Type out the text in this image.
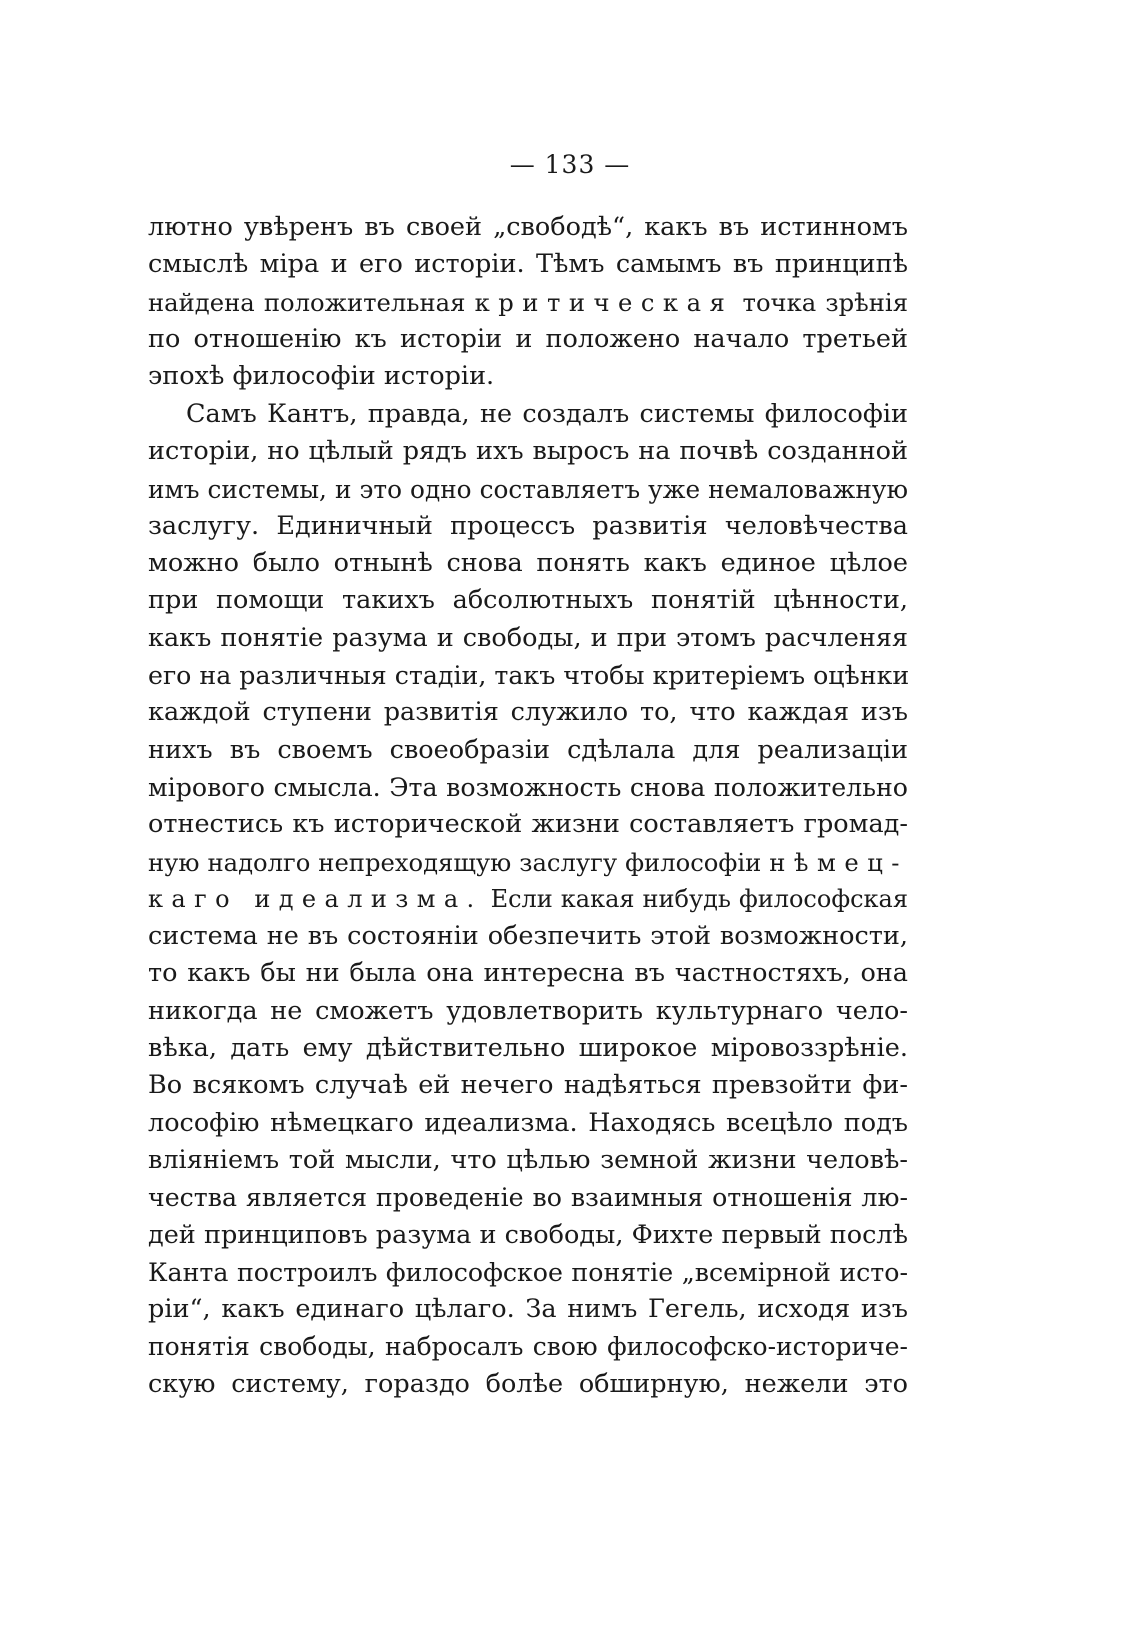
— 133 —
лютно увѣренъ въ своей „свободѣ“, какъ въ истинномъ
смыслѣ міра и его исторіи. Тѣмъ самымъ въ принципѣ
найдена положительная критическая точка зрѣнія
по отношенію къ исторіи и положено начало третьей
эпохѣ философіи исторіи.
Самъ Кантъ, правда, не создалъ системы философіи
исторіи, но цѣлый рядъ ихъ выросъ на почвѣ созданной
имъ системы, и это одно составляетъ уже немаловажную
заслугу. Единичный процессъ развитія человѣчества
можно было отнынѣ снова понять какъ единое цѣлое
при помощи такихъ абсолютныхъ понятій цѣнности,
какъ понятіе разума и свободы, и при этомъ расчленяя
его на различныя стадіи, такъ чтобы критеріемъ оцѣнки
каждой ступени развитія служило то, что каждая изъ
нихъ въ своемъ своеобразіи сдѣлала для реализаціи
мірового смысла. Эта возможность снова положительно
отнестись къ исторической жизни составляетъ громад-
ную надолго непреходящую заслугу философіи нѣмец-
каго идеализма. Если какая нибудь философская
система не въ состояніи обезпечить этой возможности,
то какъ бы ни была она интересна въ частностяхъ, она
никогда не сможетъ удовлетворить культурнаго чело-
вѣка, дать ему дѣйствительно широкое міровоззрѣніе.
Во всякомъ случаѣ ей нечего надѣяться превзойти фи-
лософію нѣмецкаго идеализма. Находясь всецѣло подъ
вліяніемъ той мысли, что цѣлью земной жизни человѣ-
чества является проведеніе во взаимныя отношенія лю-
дей принциповъ разума и свободы, Фихте первый послѣ
Канта построилъ философское понятіе „всемірной исто-
ріи“, какъ единаго цѣлаго. За нимъ Гегель, исходя изъ
понятія свободы, набросалъ свою философско-историче-
скую систему, гораздо болѣе обширную, нежели это
